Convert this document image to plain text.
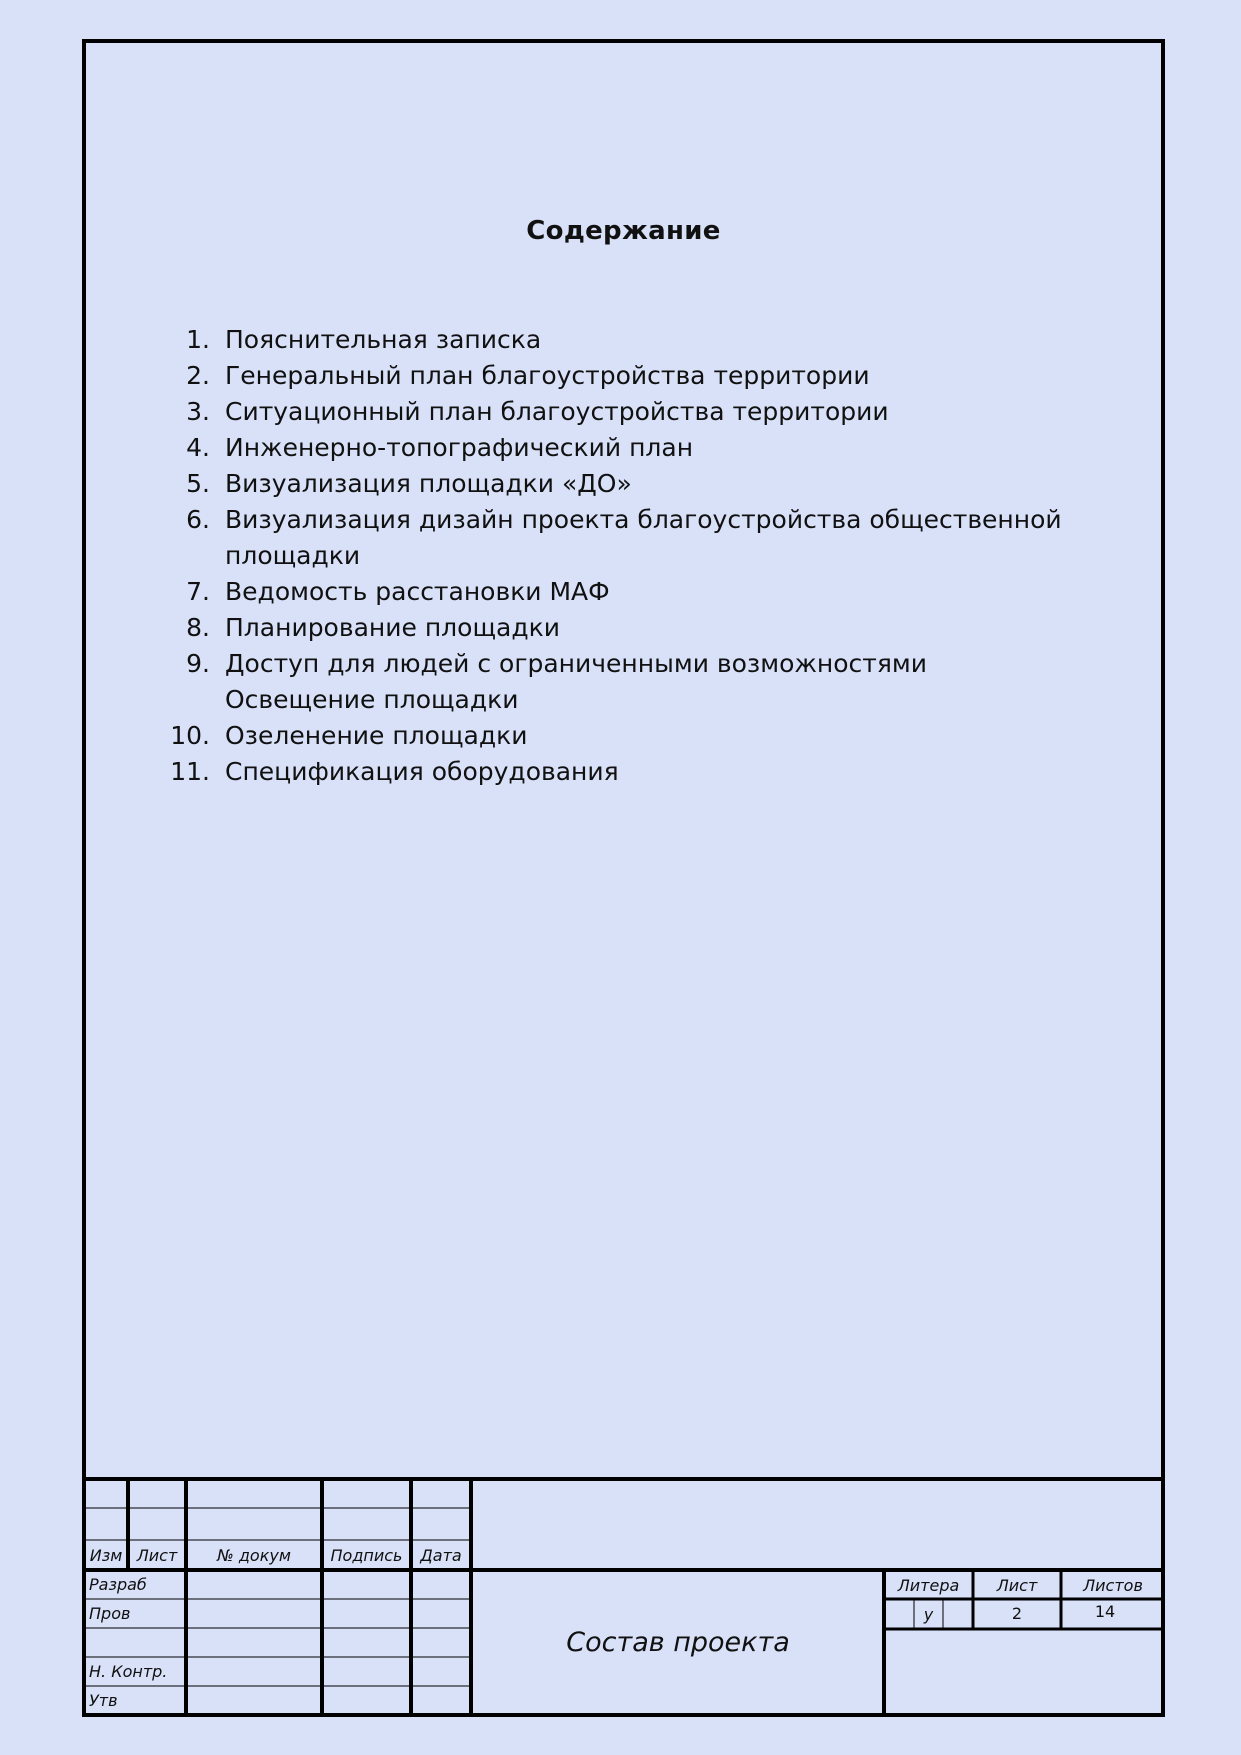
Содержание
1. Пояснительная записка
2. Генеральный план благоустройства территории
3. Ситуационный план благоустройства территории
4. Инженерно-топографический план
5. Визуализация площадки «ДО»
6. Визуализация дизайн проекта благоустройства общественной площадки
7. Ведомость расстановки МАФ
8. Планирование площадки
9. Доступ для людей с ограниченными возможностями Освещение площадки
10. Озеленение площадки
11. Спецификация оборудования
Изм Лист	№ докум	Подпись	Дата
Разраб
Пров
Н. Контр.
Утв
Состав проекта
Литера	Лист	Листов
у	2	14
